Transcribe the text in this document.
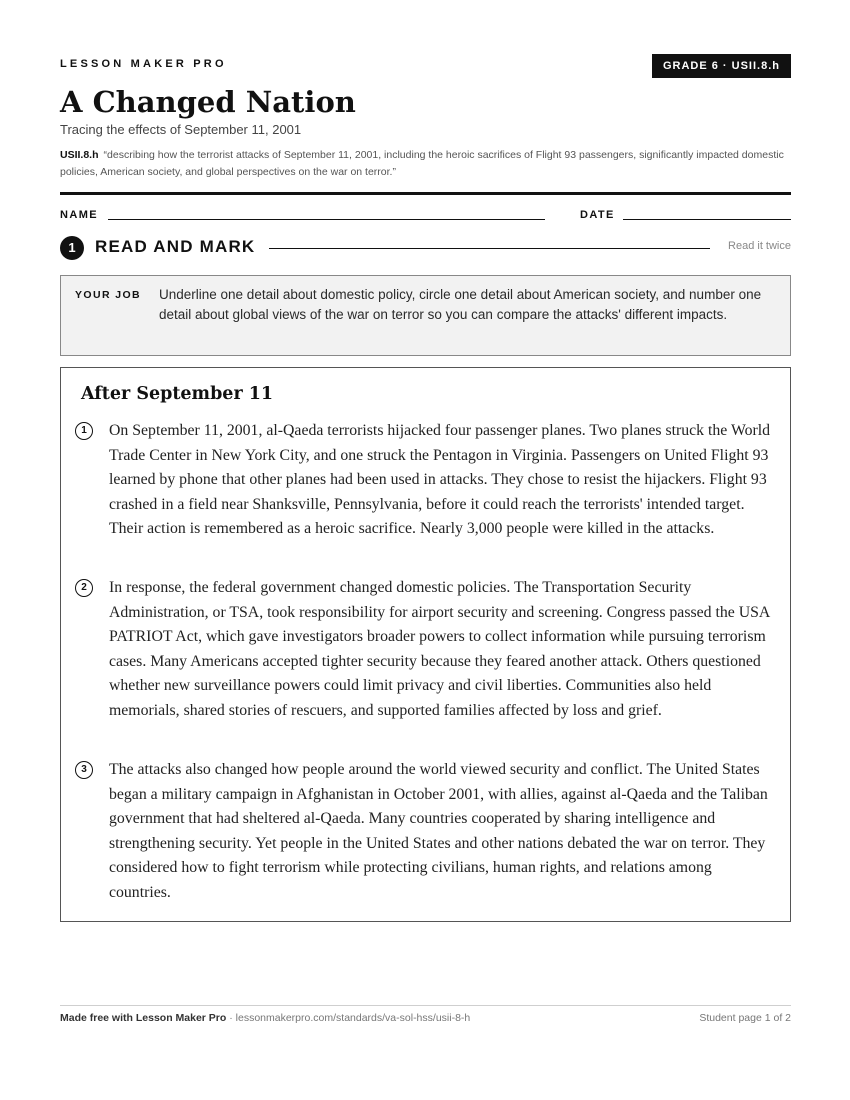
LESSON MAKER PRO	GRADE 6 · USII.8.h
A Changed Nation
Tracing the effects of September 11, 2001
USII.8.h “describing how the terrorist attacks of September 11, 2001, including the heroic sacrifices of Flight 93 passengers, significantly impacted domestic policies, American society, and global perspectives on the war on terror.”
NAME	DATE
1	READ AND MARK	Read it twice
YOUR JOB Underline one detail about domestic policy, circle one detail about American society, and number one detail about global views of the war on terror so you can compare the attacks' different impacts.
After September 11
1	On September 11, 2001, al-Qaeda terrorists hijacked four passenger planes. Two planes struck the World Trade Center in New York City, and one struck the Pentagon in Virginia. Passengers on United Flight 93 learned by phone that other planes had been used in attacks. They chose to resist the hijackers. Flight 93 crashed in a field near Shanksville, Pennsylvania, before it could reach the terrorists' intended target. Their action is remembered as a heroic sacrifice. Nearly 3,000 people were killed in the attacks.
2	In response, the federal government changed domestic policies. The Transportation Security Administration, or TSA, took responsibility for airport security and screening. Congress passed the USA PATRIOT Act, which gave investigators broader powers to collect information while pursuing terrorism cases. Many Americans accepted tighter security because they feared another attack. Others questioned whether new surveillance powers could limit privacy and civil liberties. Communities also held memorials, shared stories of rescuers, and supported families affected by loss and grief.
3	The attacks also changed how people around the world viewed security and conflict. The United States began a military campaign in Afghanistan in October 2001, with allies, against al-Qaeda and the Taliban government that had sheltered al-Qaeda. Many countries cooperated by sharing intelligence and strengthening security. Yet people in the United States and other nations debated the war on terror. They considered how to fight terrorism while protecting civilians, human rights, and relations among countries.
Made free with Lesson Maker Pro · lessonmakerpro.com/standards/va-sol-hss/usii-8-h	Student page 1 of 2
